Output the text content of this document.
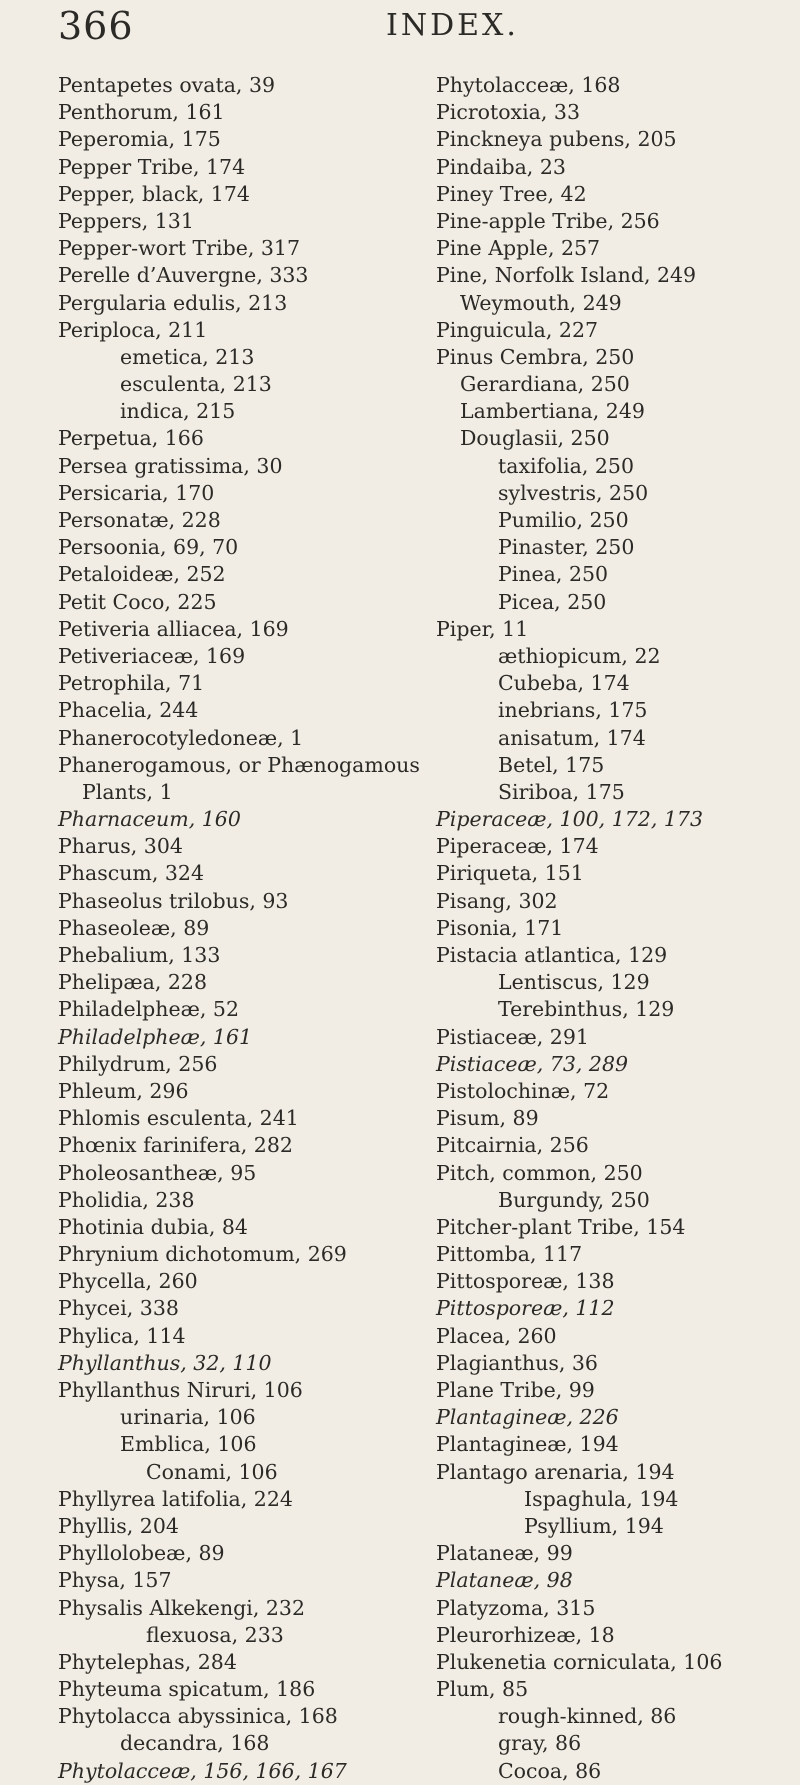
366	INDEX.
Pentapetes ovata, 39
Penthorum, 161
Peperomia, 175
Pepper Tribe, 174
Pepper, black, 174
Peppers, 131
Pepper-wort Tribe, 317
Perelle d’Auvergne, 333
Pergularia edulis, 213
Periploca, 211
emetica, 213
esculenta, 213
indica, 215
Perpetua, 166
Persea gratissima, 30
Persicaria, 170
Personatæ, 228
Persoonia, 69, 70
Petaloideæ, 252
Petit Coco, 225
Petiveria alliacea, 169
Petiveriaceæ, 169
Petrophila, 71
Phacelia, 244
Phanerocotyledoneæ, 1
Phanerogamous, or Phænogamous
Plants, 1
Pharnaceum, 160
Pharus, 304
Phascum, 324
Phaseolus trilobus, 93
Phaseoleæ, 89
Phebalium, 133
Phelipæa, 228
Philadelpheæ, 52
Philadelpheæ, 161
Philydrum, 256
Phleum, 296
Phlomis esculenta, 241
Phœnix farinifera, 282
Pholeosantheæ, 95
Pholidia, 238
Photinia dubia, 84
Phrynium dichotomum, 269
Phycella, 260
Phycei, 338
Phylica, 114
Phyllanthus, 32, 110
Phyllanthus Niruri, 106
urinaria, 106
Emblica, 106
Conami, 106
Phyllyrea latifolia, 224
Phyllis, 204
Phyllolobeæ, 89
Physa, 157
Physalis Alkekengi, 232
flexuosa, 233
Phytelephas, 284
Phyteuma spicatum, 186
Phytolacca abyssinica, 168
decandra, 168
Phytolacceæ, 156, 166, 167
Phytolacceæ, 168
Picrotoxia, 33
Pinckneya pubens, 205
Pindaiba, 23
Piney Tree, 42
Pine-apple Tribe, 256
Pine Apple, 257
Pine, Norfolk Island, 249
Weymouth, 249
Pinguicula, 227
Pinus Cembra, 250
Gerardiana, 250
Lambertiana, 249
Douglasii, 250
taxifolia, 250
sylvestris, 250
Pumilio, 250
Pinaster, 250
Pinea, 250
Picea, 250
Piper, 11
æthiopicum, 22
Cubeba, 174
inebrians, 175
anisatum, 174
Betel, 175
Siriboa, 175
Piperaceæ, 100, 172, 173
Piperaceæ, 174
Piriqueta, 151
Pisang, 302
Pisonia, 171
Pistacia atlantica, 129
Lentiscus, 129
Terebinthus, 129
Pistiaceæ, 291
Pistiaceæ, 73, 289
Pistolochinæ, 72
Pisum, 89
Pitcairnia, 256
Pitch, common, 250
Burgundy, 250
Pitcher-plant Tribe, 154
Pittomba, 117
Pittosporeæ, 138
Pittosporeæ, 112
Placea, 260
Plagianthus, 36
Plane Tribe, 99
Plantagineæ, 226
Plantagineæ, 194
Plantago arenaria, 194
Ispaghula, 194
Psyllium, 194
Plataneæ, 99
Plataneæ, 98
Platyzoma, 315
Pleurorhizeæ, 18
Plukenetia corniculata, 106
Plum, 85
rough-kinned, 86
gray, 86
Cocoa, 86
